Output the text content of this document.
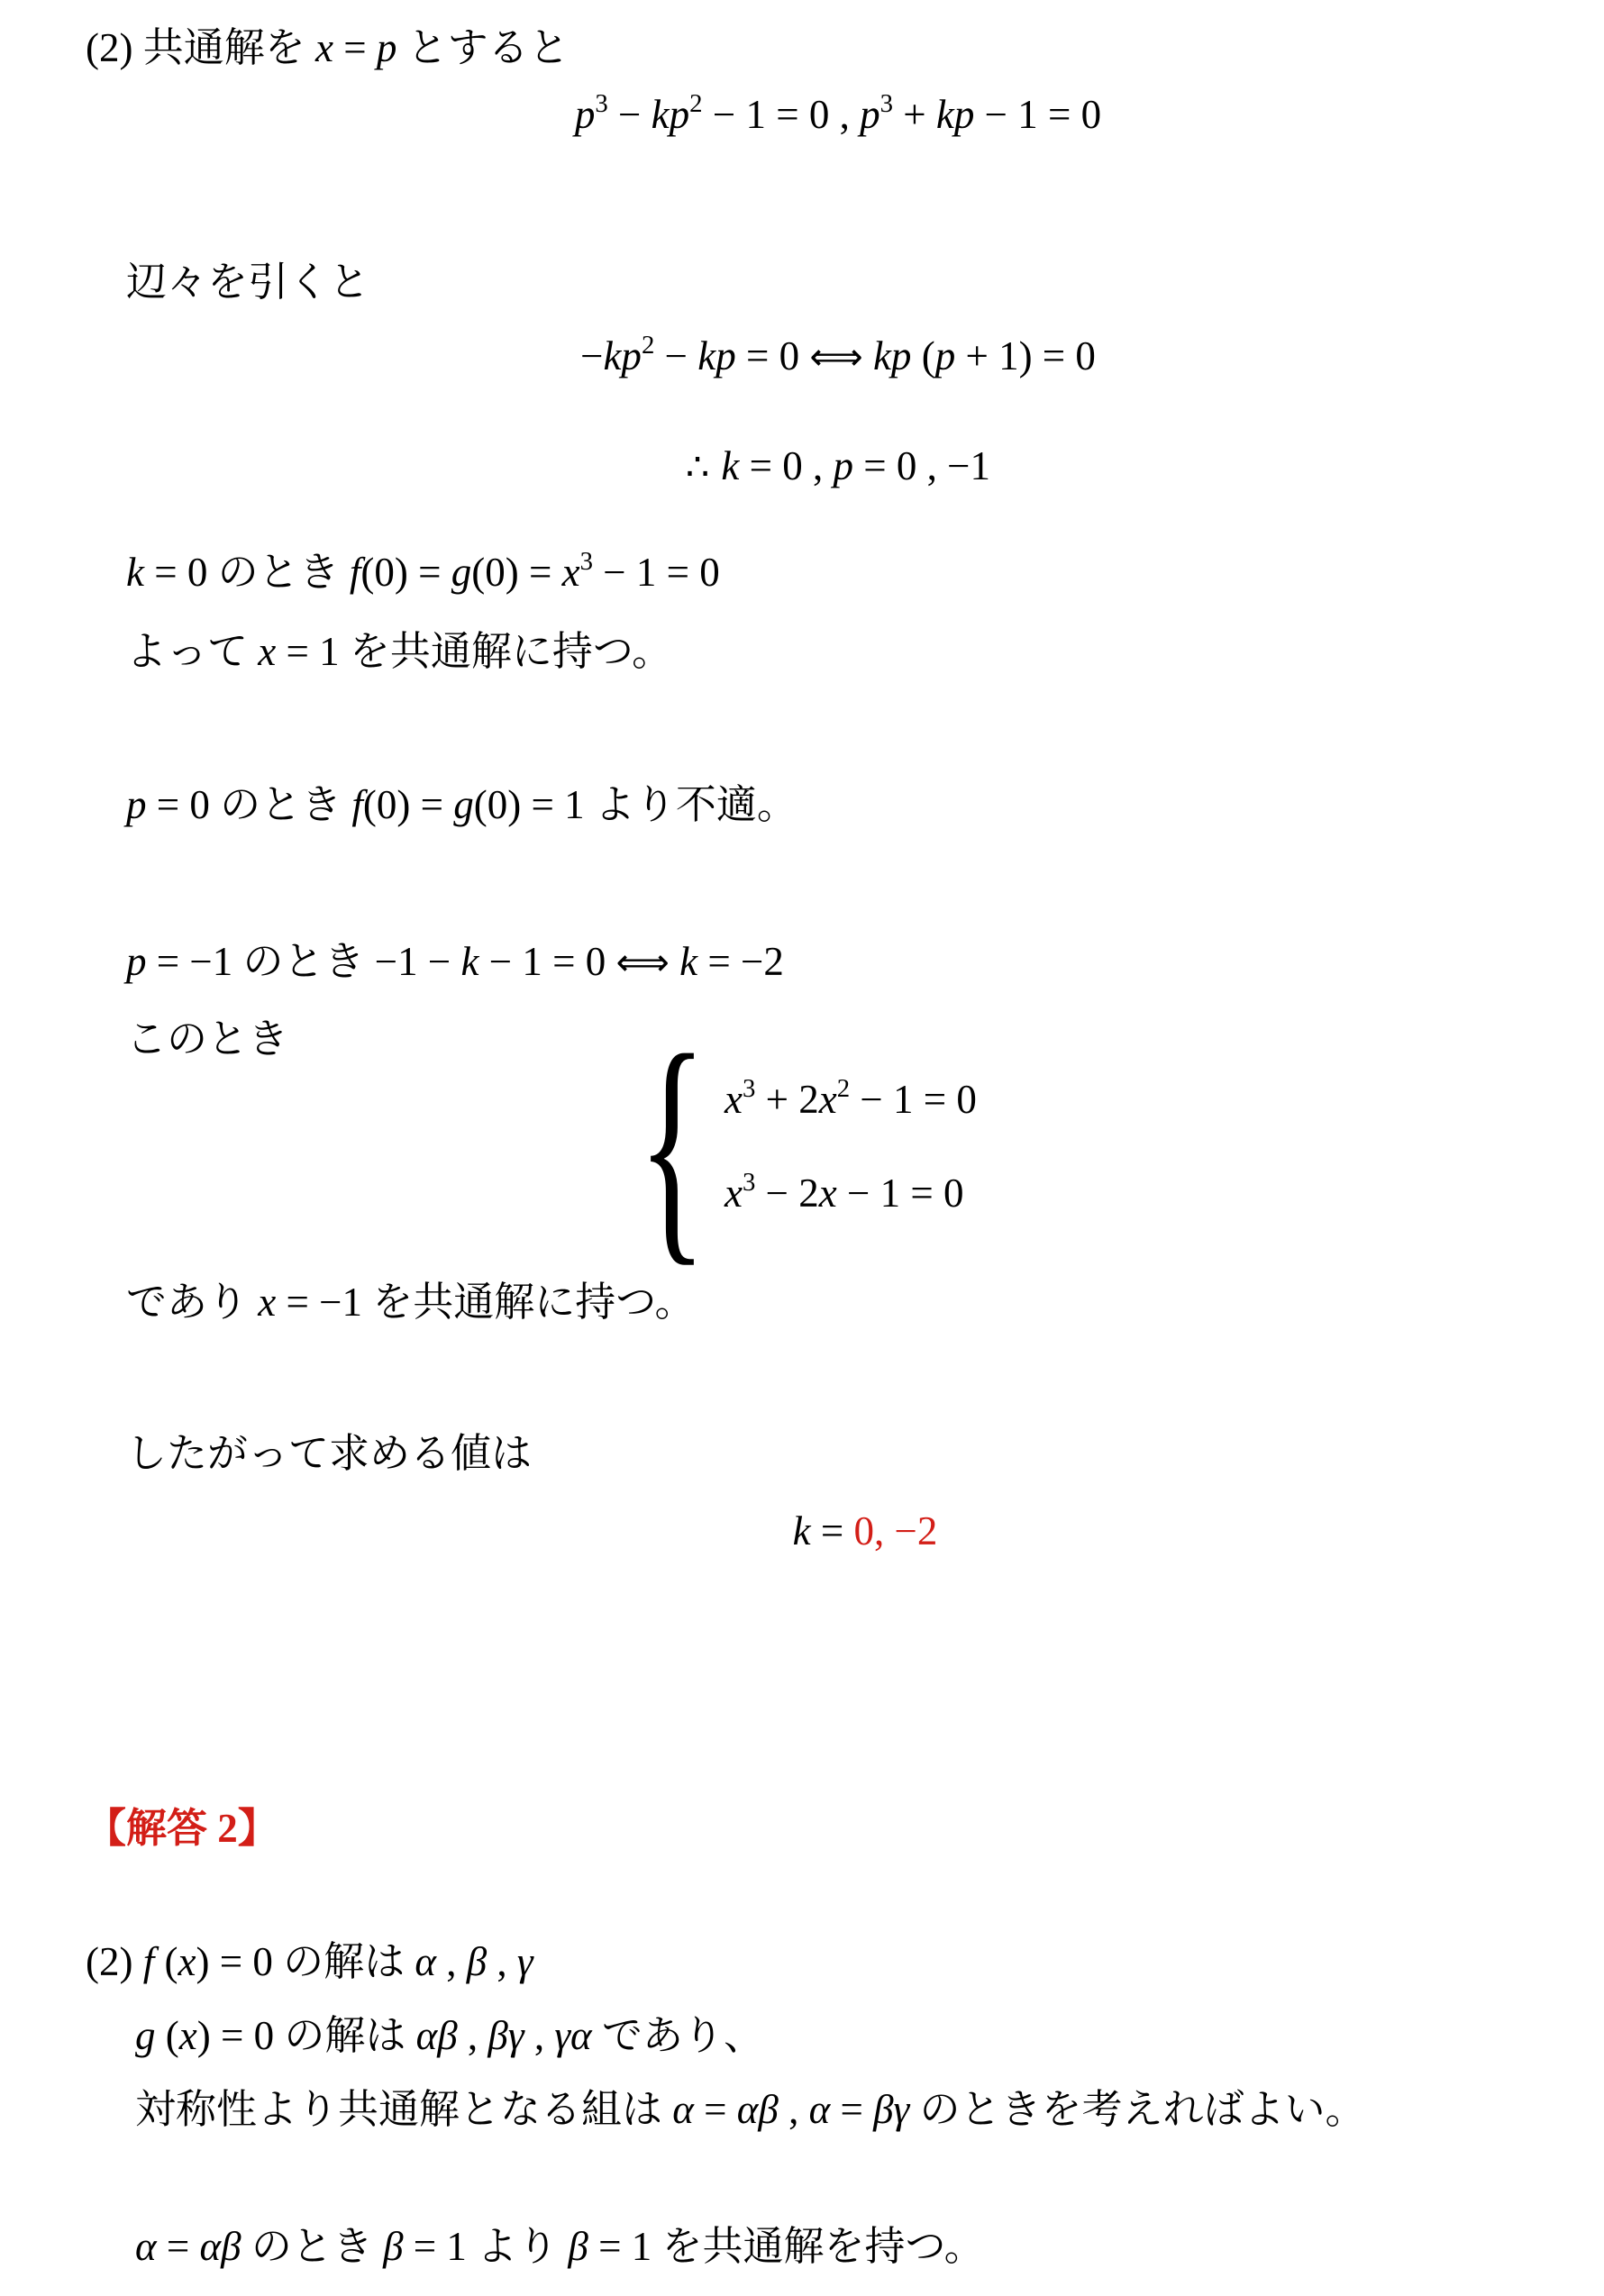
(2) 共通解を x = p とすると
$p^3 - kp^2 - 1 = 0$ , $p^3$ + kp − 1 = 0
辺々を引くと
$-kp^2$ − kp = 0 ⟺ kp (p + 1) = 0
∴ k = 0 , p = 0 , −1
k = 0 のとき $f(0) = g(0) = x^3 - 1 = 0$
よって x = 1 を共通解に持つ。
p = 0 のとき f(0) = g(0) = 1 より不適。
p = −1 のとき −1 − k − 1 = 0 ⟺ k = −2
このとき { $x^3 + 2x^2 - 1 = 0$
$x^3 - 2x - 1 = 0$
であり x = −1 を共通解に持つ。
したがって求める値は
k = 0, −2
【解答 2】
(2) f (x) = 0 の解は α , β , γ
g (x) = 0 の解は αβ , βγ , γα であり、
対称性より共通解となる組は α = αβ , α = βγ のときを考えればよい。
α = αβ のとき β = 1 より β = 1 を共通解を持つ。
